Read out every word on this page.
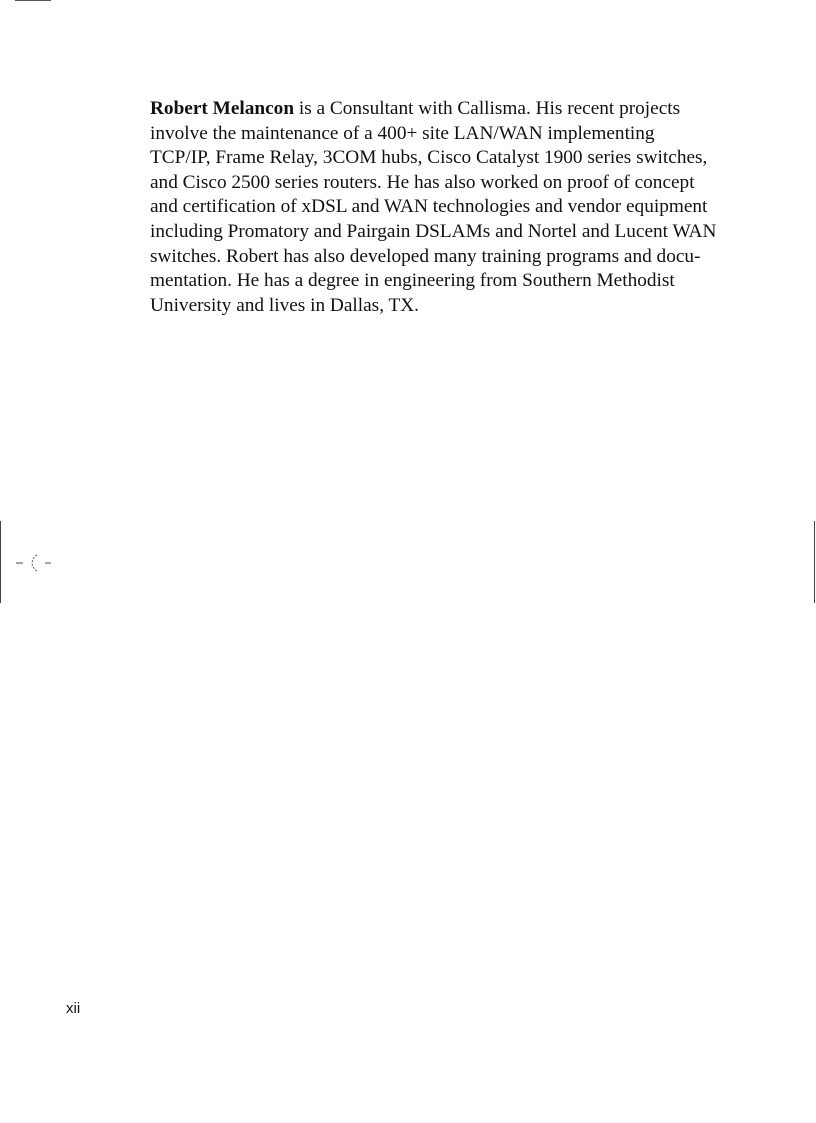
Robert Melancon is a Consultant with Callisma. His recent projects
involve the maintenance of a 400+ site LAN/WAN implementing
TCP/IP, Frame Relay, 3COM hubs, Cisco Catalyst 1900 series switches,
and Cisco 2500 series routers. He has also worked on proof of concept
and certification of xDSL and WAN technologies and vendor equipment
including Promatory and Pairgain DSLAMs and Nortel and Lucent WAN
switches. Robert has also developed many training programs and docu-
mentation. He has a degree in engineering from Southern Methodist
University and lives in Dallas, TX.

xii
